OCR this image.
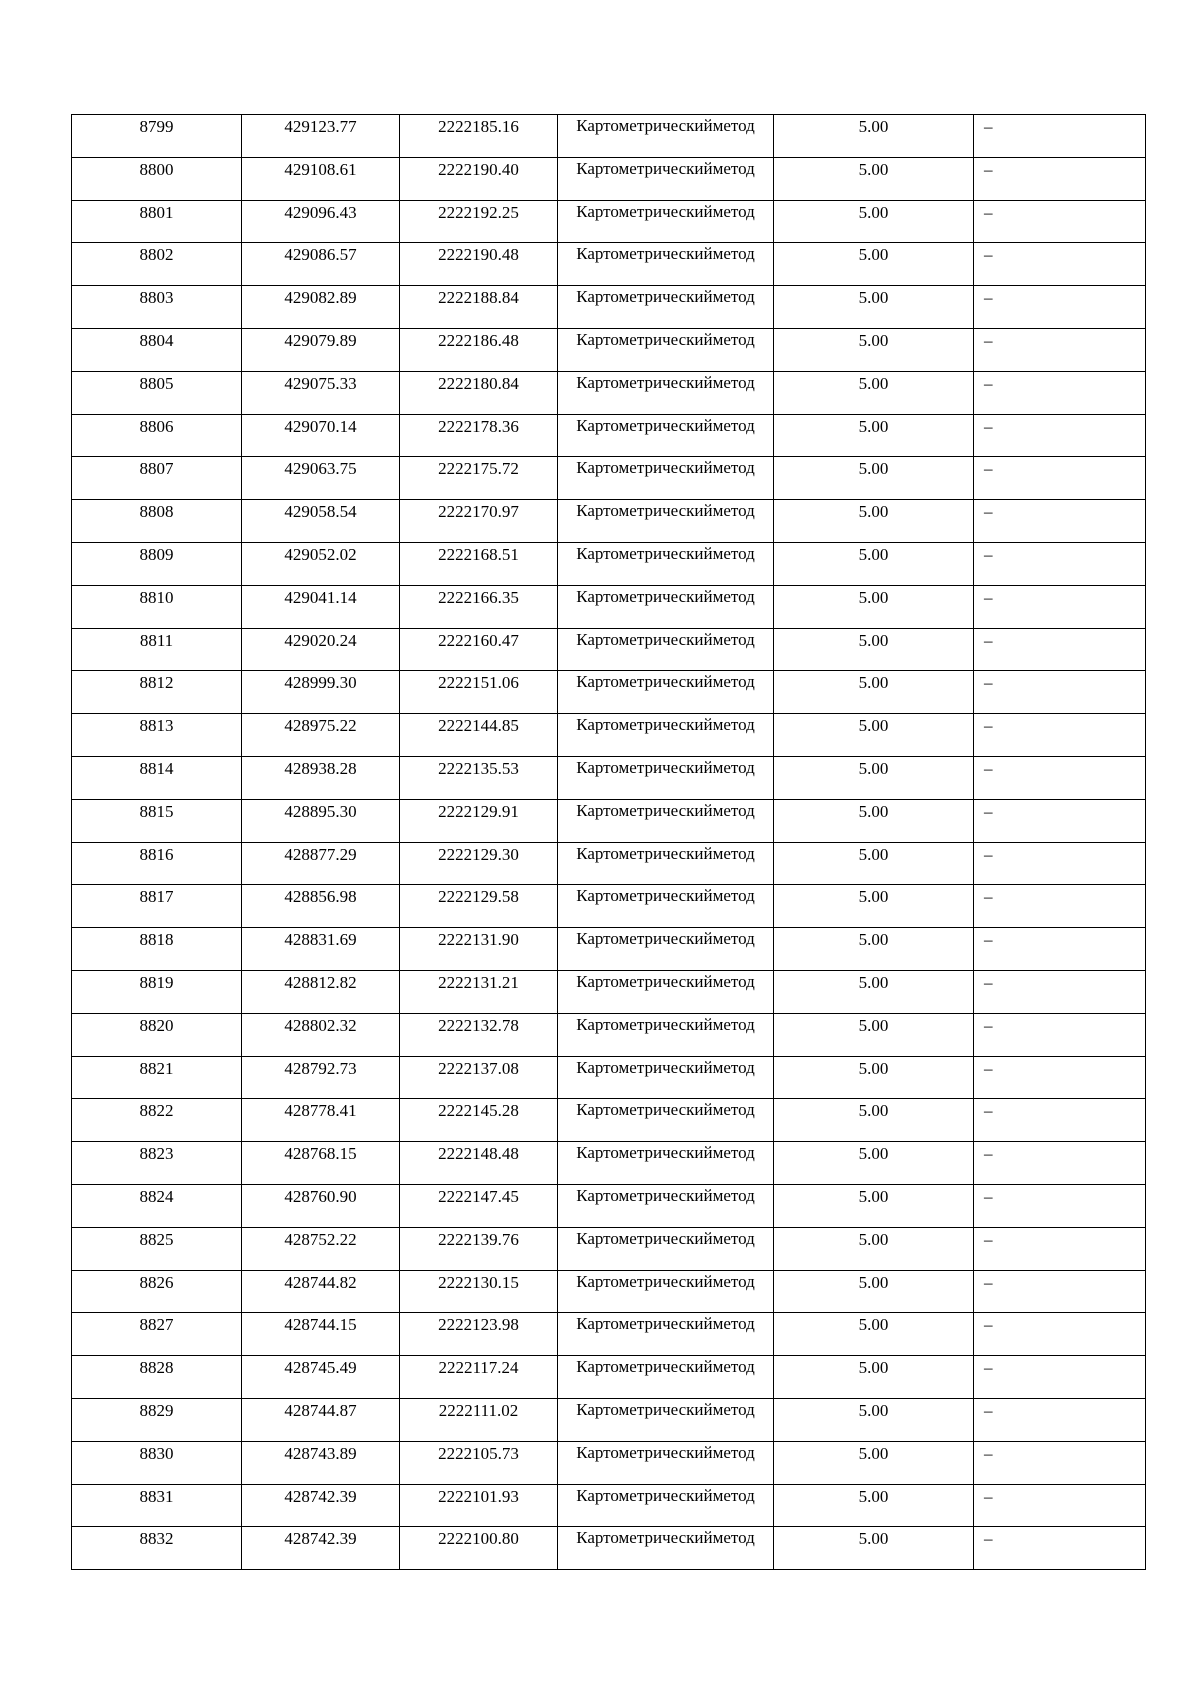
8799	429123.77	2222185.16	Картометрическийметод	5.00	–
8800	429108.61	2222190.40	Картометрическийметод	5.00	–
8801	429096.43	2222192.25	Картометрическийметод	5.00	–
8802	429086.57	2222190.48	Картометрическийметод	5.00	–
8803	429082.89	2222188.84	Картометрическийметод	5.00	–
8804	429079.89	2222186.48	Картометрическийметод	5.00	–
8805	429075.33	2222180.84	Картометрическийметод	5.00	–
8806	429070.14	2222178.36	Картометрическийметод	5.00	–
8807	429063.75	2222175.72	Картометрическийметод	5.00	–
8808	429058.54	2222170.97	Картометрическийметод	5.00	–
8809	429052.02	2222168.51	Картометрическийметод	5.00	–
8810	429041.14	2222166.35	Картометрическийметод	5.00	–
8811	429020.24	2222160.47	Картометрическийметод	5.00	–
8812	428999.30	2222151.06	Картометрическийметод	5.00	–
8813	428975.22	2222144.85	Картометрическийметод	5.00	–
8814	428938.28	2222135.53	Картометрическийметод	5.00	–
8815	428895.30	2222129.91	Картометрическийметод	5.00	–
8816	428877.29	2222129.30	Картометрическийметод	5.00	–
8817	428856.98	2222129.58	Картометрическийметод	5.00	–
8818	428831.69	2222131.90	Картометрическийметод	5.00	–
8819	428812.82	2222131.21	Картометрическийметод	5.00	–
8820	428802.32	2222132.78	Картометрическийметод	5.00	–
8821	428792.73	2222137.08	Картометрическийметод	5.00	–
8822	428778.41	2222145.28	Картометрическийметод	5.00	–
8823	428768.15	2222148.48	Картометрическийметод	5.00	–
8824	428760.90	2222147.45	Картометрическийметод	5.00	–
8825	428752.22	2222139.76	Картометрическийметод	5.00	–
8826	428744.82	2222130.15	Картометрическийметод	5.00	–
8827	428744.15	2222123.98	Картометрическийметод	5.00	–
8828	428745.49	2222117.24	Картометрическийметод	5.00	–
8829	428744.87	2222111.02	Картометрическийметод	5.00	–
8830	428743.89	2222105.73	Картометрическийметод	5.00	–
8831	428742.39	2222101.93	Картометрическийметод	5.00	–
8832	428742.39	2222100.80	Картометрическийметод	5.00	–
